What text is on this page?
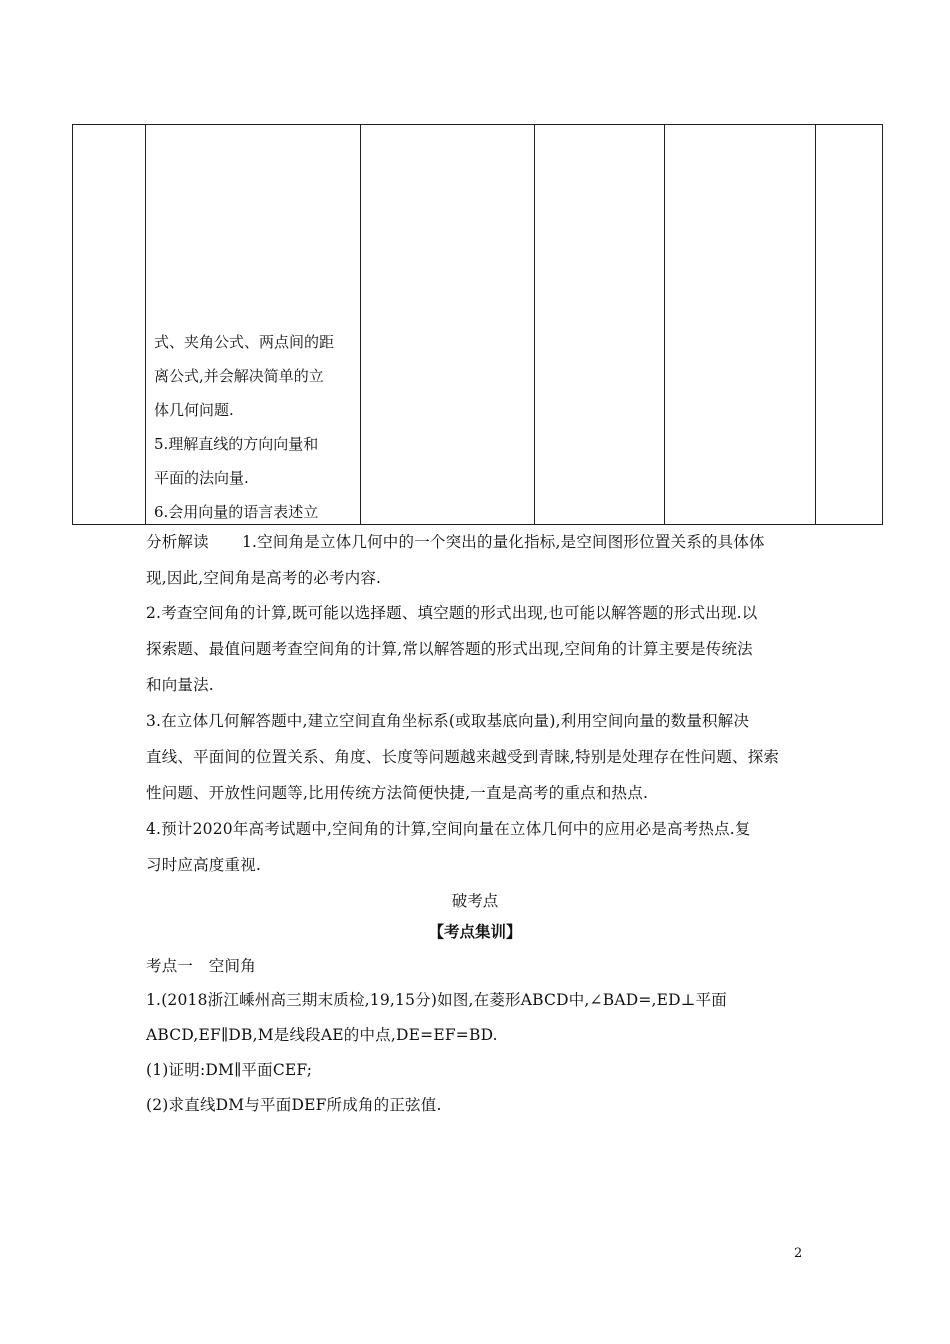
式、夹角公式、两点间的距
离公式,并会解决简单的立
体几何问题.
5.理解直线的方向向量和
平面的法向量.
6.会用向量的语言表述立

分析解读 1.空间角是立体几何中的一个突出的量化指标,是空间图形位置关系的具体体
现,因此,空间角是高考的必考内容.
2.考查空间角的计算,既可能以选择题、填空题的形式出现,也可能以解答题的形式出现.以
探索题、最值问题考查空间角的计算,常以解答题的形式出现,空间角的计算主要是传统法
和向量法.
3.在立体几何解答题中,建立空间直角坐标系(或取基底向量),利用空间向量的数量积解决
直线、平面间的位置关系、角度、长度等问题越来越受到青睐,特别是处理存在性问题、探索
性问题、开放性问题等,比用传统方法简便快捷,一直是高考的重点和热点.
4.预计2020年高考试题中,空间角的计算,空间向量在立体几何中的应用必是高考热点.复
习时应高度重视.
破考点
【考点集训】
考点一　空间角
1.(2018浙江嵊州高三期末质检,19,15分)如图,在菱形ABCD中,∠BAD=,ED⊥平面
ABCD,EF∥DB,M是线段AE的中点,DE=EF=BD.
(1)证明:DM∥平面CEF;
(2)求直线DM与平面DEF所成角的正弦值.
2
